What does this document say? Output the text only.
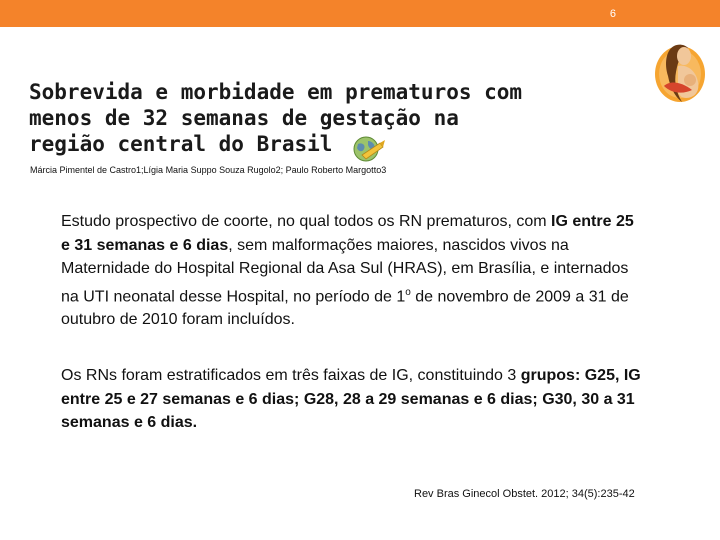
6
Sobrevida e morbidade em prematuros com
menos de 32 semanas de gestação na
região central do Brasil
Márcia Pimentel de Castro1;Lígia Maria Suppo Souza Rugolo2; Paulo Roberto Margotto3
Estudo prospectivo de coorte, no qual todos os RN prematuros, com IG entre 25 e 31 semanas e 6 dias, sem malformações maiores, nascidos vivos na Maternidade do Hospital Regional da Asa Sul (HRAS), em Brasília, e internados na UTI neonatal desse Hospital, no período de 1$^o$ de novembro de 2009 a 31 de outubro de 2010 foram incluídos.
Os RNs foram estratificados em três faixas de IG, constituindo 3 grupos: G25, IG entre 25 e 27 semanas e 6 dias; G28, 28 a 29 semanas e 6 dias; G30, 30 a 31 semanas e 6 dias.
Rev Bras Ginecol Obstet. 2012; 34(5):235-42
